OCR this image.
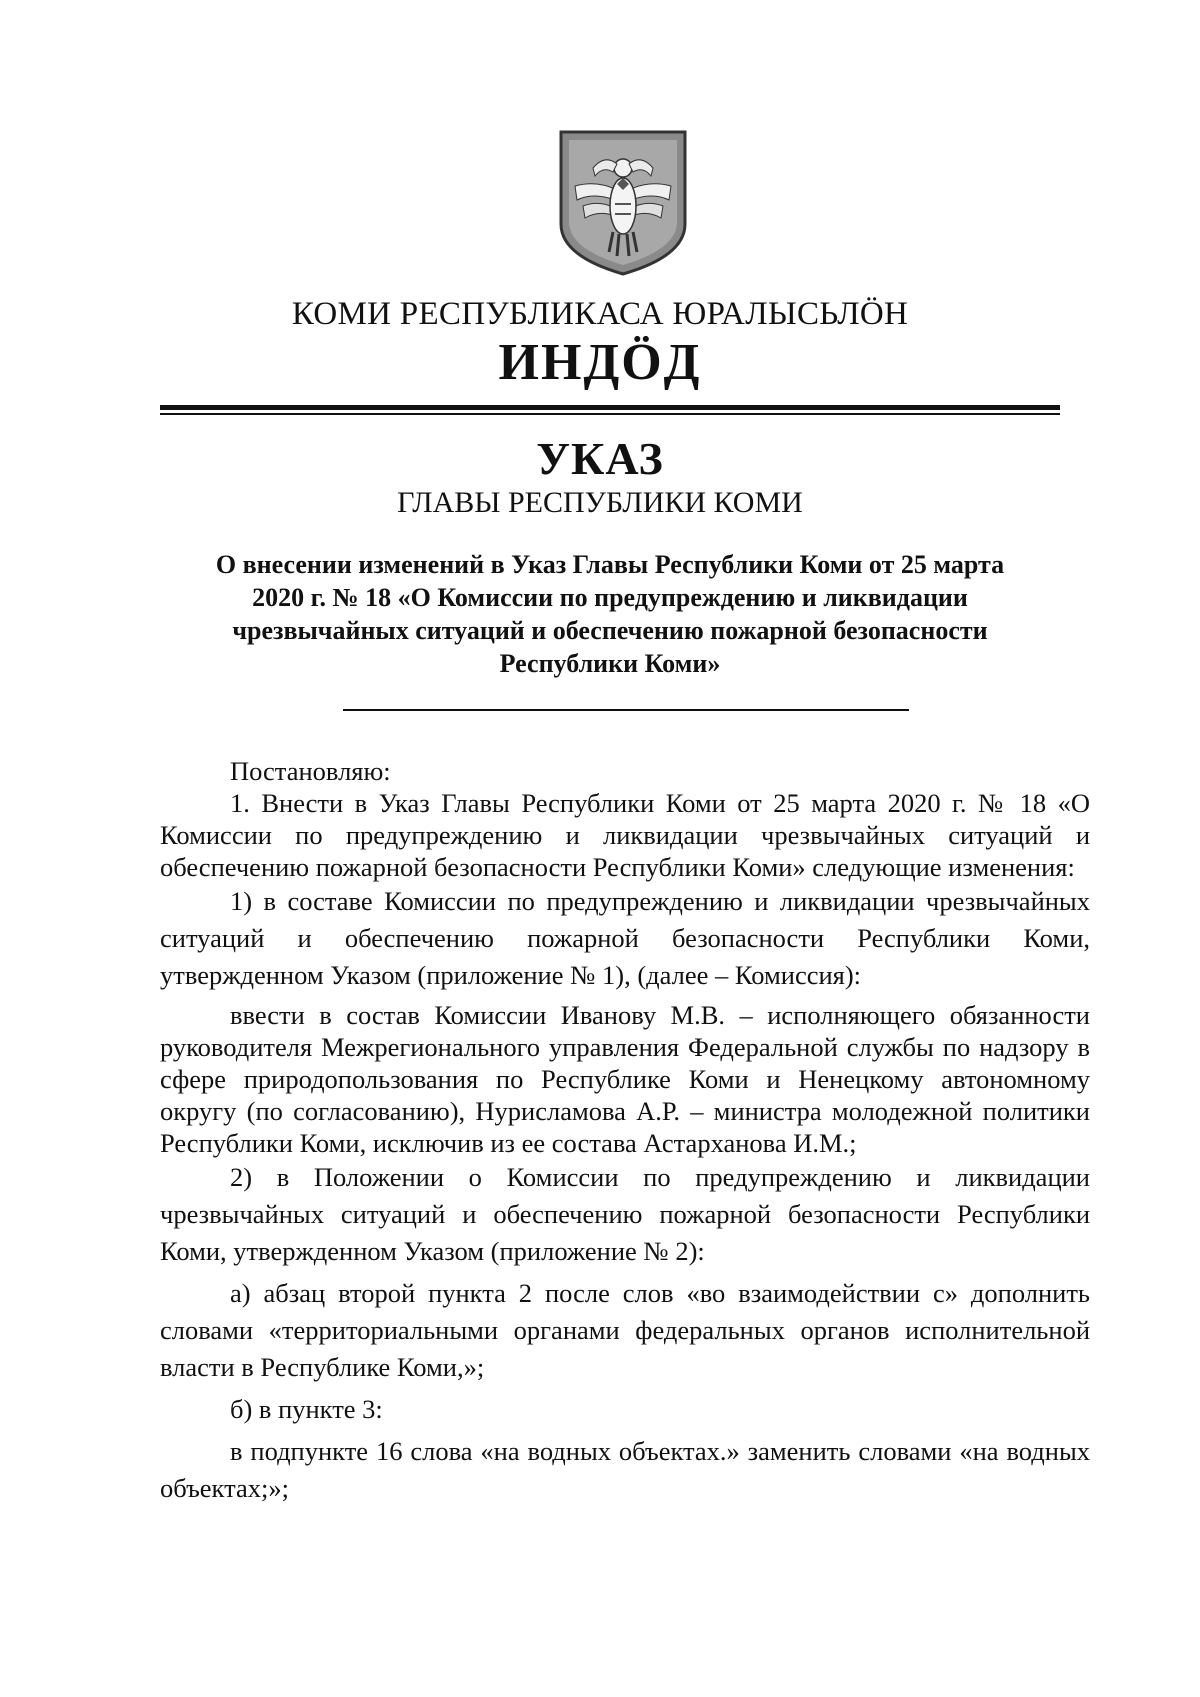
КОМИ РЕСПУБЛИКАСА ЮРАЛЫСЬЛӦН
ИНДӦД
УКАЗ
ГЛАВЫ РЕСПУБЛИКИ КОМИ
О внесении изменений в Указ Главы Республики Коми от 25 марта
2020 г. № 18 «О Комиссии по предупреждению и ликвидации
чрезвычайных ситуаций и обеспечению пожарной безопасности
Республики Коми»

Постановляю:

1. Внести в Указ Главы Республики Коми от 25 марта 2020 г. № 18 «О Комиссии по предупреждению и ликвидации чрезвычайных ситуаций и обеспечению пожарной безопасности Республики Коми» следующие изменения:

1) в составе Комиссии по предупреждению и ликвидации чрезвычайных ситуаций и обеспечению пожарной безопасности Республики Коми, утвержденном Указом (приложение № 1), (далее – Комиссия):

ввести в состав Комиссии Иванову М.В. – исполняющего обязанности руководителя Межрегионального управления Федеральной службы по надзору в сфере природопользования по Республике Коми и Ненецкому автономному округу (по согласованию), Нурисламова А.Р. – министра молодежной политики Республики Коми, исключив из ее состава Астарханова И.М.;

2) в Положении о Комиссии по предупреждению и ликвидации чрезвычайных ситуаций и обеспечению пожарной безопасности Республики Коми, утвержденном Указом (приложение № 2):

а) абзац второй пункта 2 после слов «во взаимодействии с» дополнить словами «территориальными органами федеральных органов исполнительной власти в Республике Коми,»;

б) в пункте 3:

в подпункте 16 слова «на водных объектах.» заменить словами «на водных объектах;»;
